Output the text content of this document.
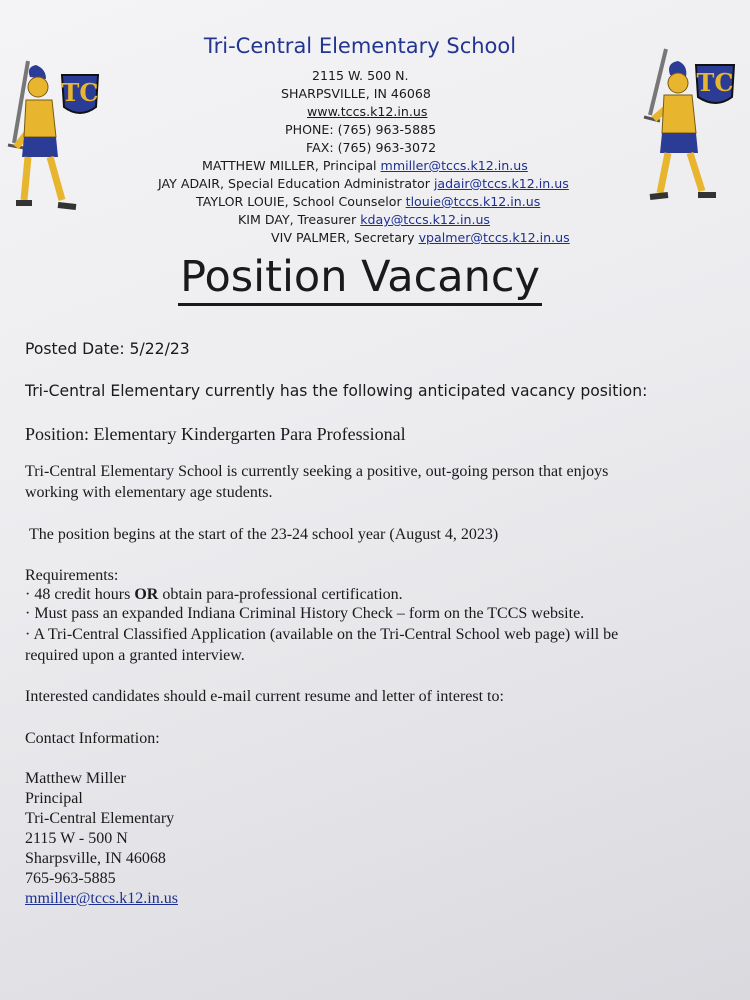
TC	TC
Tri-Central Elementary School
2115 W. 500 N.
SHARPSVILLE, IN 46068
www.tccs.k12.in.us
PHONE: (765) 963-5885
FAX: (765) 963-3072
MATTHEW MILLER, Principal mmiller@tccs.k12.in.us
JAY ADAIR, Special Education Administrator jadair@tccs.k12.in.us
TAYLOR LOUIE, School Counselor tlouie@tccs.k12.in.us
KIM DAY, Treasurer kday@tccs.k12.in.us
VIV PALMER, Secretary vpalmer@tccs.k12.in.us
Position Vacancy
Posted Date: 5/22/23
Tri-Central Elementary currently has the following anticipated vacancy position:
Position: Elementary Kindergarten Para Professional
Tri-Central Elementary School is currently seeking a positive, out-going person that enjoys
working with elementary age students.
The position begins at the start of the 23-24 school year (August 4, 2023)
Requirements:
· 48 credit hours OR obtain para-professional certification.
· Must pass an expanded Indiana Criminal History Check – form on the TCCS website.
· A Tri-Central Classified Application (available on the Tri-Central School web page) will be
required upon a granted interview.
Interested candidates should e-mail current resume and letter of interest to:
Contact Information:
Matthew Miller
Principal
Tri-Central Elementary
2115 W - 500 N
Sharpsville, IN 46068
765-963-5885
mmiller@tccs.k12.in.us
